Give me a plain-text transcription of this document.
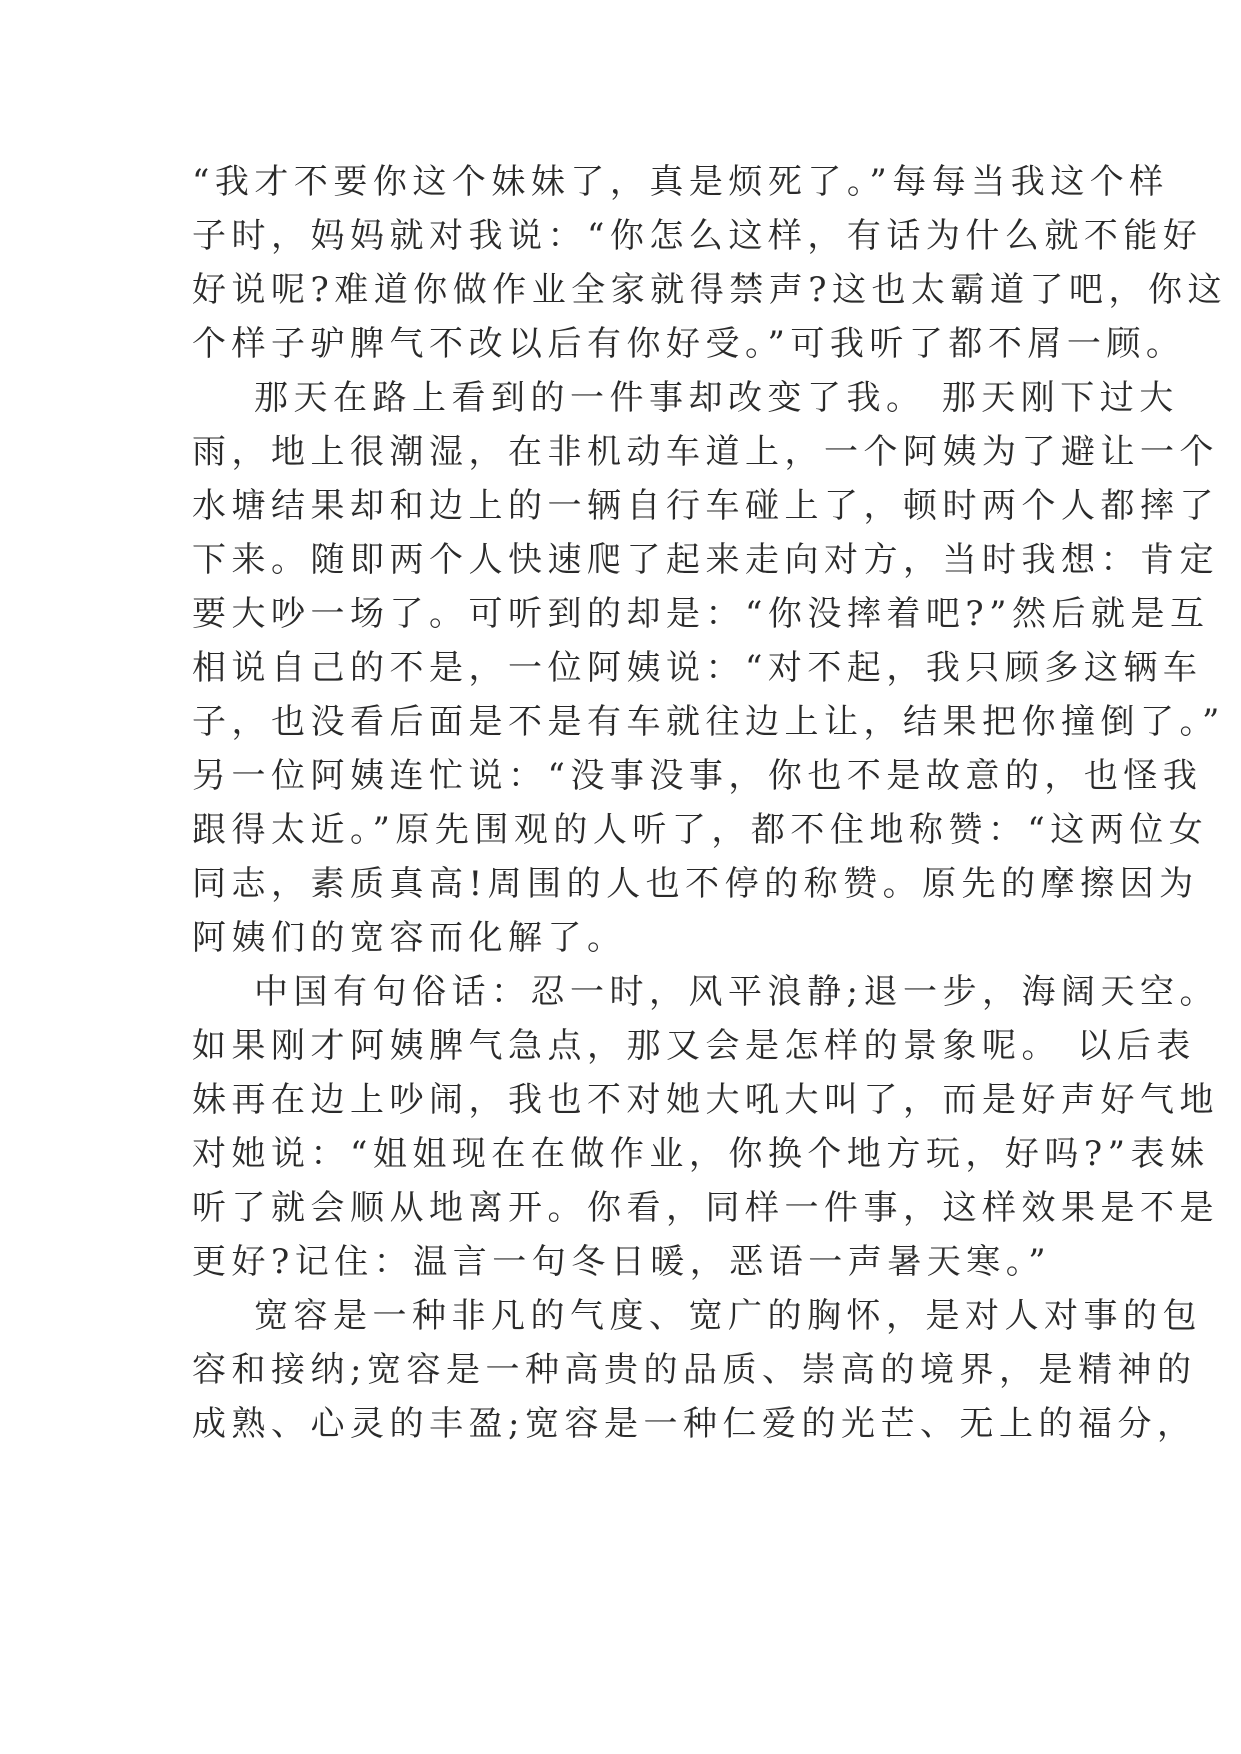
“我才不要你这个妹妹了，真是烦死了。”每每当我这个样
子时，妈妈就对我说：“你怎么这样，有话为什么就不能好
好说呢?难道你做作业全家就得禁声?这也太霸道了吧，你这
个样子驴脾气不改以后有你好受。”可我听了都不屑一顾。
那天在路上看到的一件事却改变了我。 那天刚下过大
雨，地上很潮湿，在非机动车道上，一个阿姨为了避让一个
水塘结果却和边上的一辆自行车碰上了，顿时两个人都摔了
下来。随即两个人快速爬了起来走向对方，当时我想：肯定
要大吵一场了。可听到的却是：“你没摔着吧?”然后就是互
相说自己的不是，一位阿姨说：“对不起，我只顾多这辆车
子，也没看后面是不是有车就往边上让，结果把你撞倒了。”
另一位阿姨连忙说：“没事没事，你也不是故意的，也怪我
跟得太近。”原先围观的人听了，都不住地称赞：“这两位女
同志，素质真高!周围的人也不停的称赞。原先的摩擦因为
阿姨们的宽容而化解了。
中国有句俗话：忍一时，风平浪静;退一步，海阔天空。
如果刚才阿姨脾气急点，那又会是怎样的景象呢。 以后表
妹再在边上吵闹，我也不对她大吼大叫了，而是好声好气地
对她说：“姐姐现在在做作业，你换个地方玩，好吗?”表妹
听了就会顺从地离开。你看，同样一件事，这样效果是不是
更好?记住：温言一句冬日暖，恶语一声暑天寒。”
宽容是一种非凡的气度、宽广的胸怀，是对人对事的包
容和接纳;宽容是一种高贵的品质、崇高的境界，是精神的
成熟、心灵的丰盈;宽容是一种仁爱的光芒、无上的福分，
